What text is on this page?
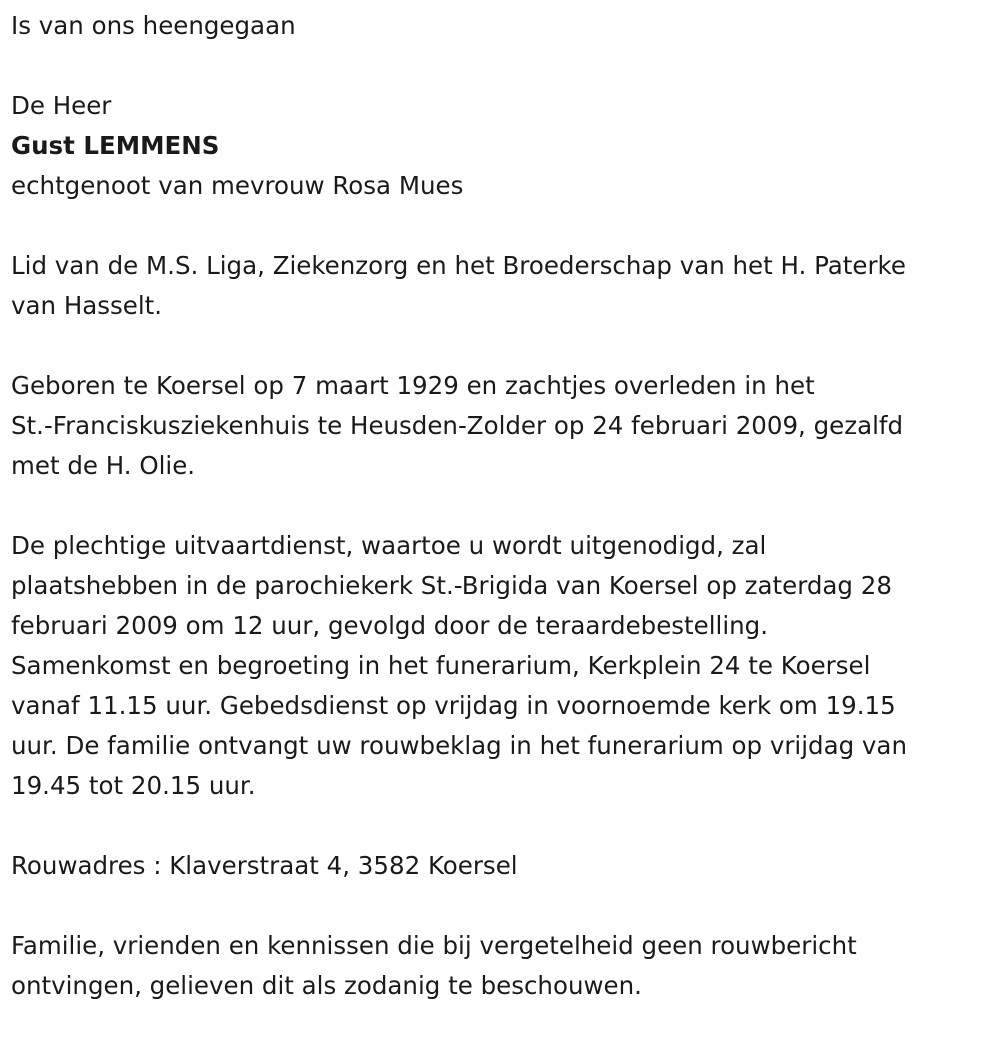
Is van ons heengegaan
De Heer
Gust LEMMENS
echtgenoot van mevrouw Rosa Mues

Lid van de M.S. Liga, Ziekenzorg en het Broederschap van het H. Paterke
van Hasselt.

Geboren te Koersel op 7 maart 1929 en zachtjes overleden in het
St.-Franciskusziekenhuis te Heusden-Zolder op 24 februari 2009, gezalfd
met de H. Olie.

De plechtige uitvaartdienst, waartoe u wordt uitgenodigd, zal
plaatshebben in de parochiekerk St.-Brigida van Koersel op zaterdag 28
februari 2009 om 12 uur, gevolgd door de teraardebestelling.
Samenkomst en begroeting in het funerarium, Kerkplein 24 te Koersel
vanaf 11.15 uur. Gebedsdienst op vrijdag in voornoemde kerk om 19.15
uur. De familie ontvangt uw rouwbeklag in het funerarium op vrijdag van
19.45 tot 20.15 uur.

Rouwadres : Klaverstraat 4, 3582 Koersel

Familie, vrienden en kennissen die bij vergetelheid geen rouwbericht
ontvingen, gelieven dit als zodanig te beschouwen.
